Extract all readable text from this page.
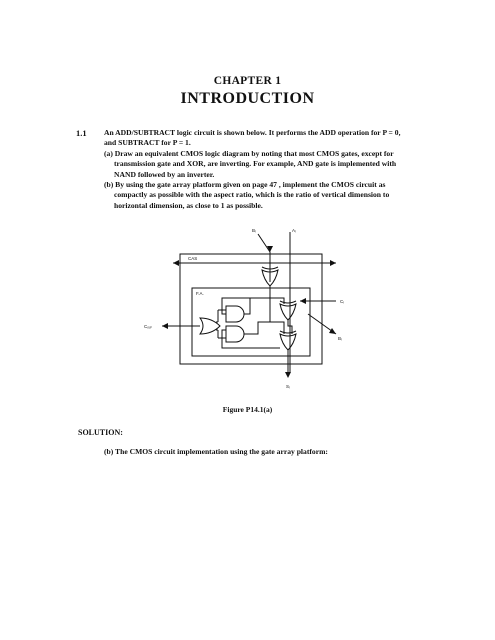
CHAPTER 1
INTRODUCTION
1.1 An ADD/SUBTRACT logic circuit is shown below. It performs the ADD operation for P = 0, and SUBTRACT for P = 1.

(a) Draw an equivalent CMOS logic diagram by noting that most CMOS gates, except for transmission gate and XOR, are inverting. For example, AND gate is implemented with NAND followed by an inverter.

(b) By using the gate array platform given on page 47 , implement the CMOS circuit as compactly as possible with the aspect ratio, which is the ratio of vertical dimension to horizontal dimension, as close to 1 as possible.

CAS
F.A.
Bᵢ	Aᵢ
Cᵢ
Cₒᵤₜ
Bᵢ
Sᵢ
Figure P14.1(a)
SOLUTION:
(b) The CMOS circuit implementation using the gate array platform:
